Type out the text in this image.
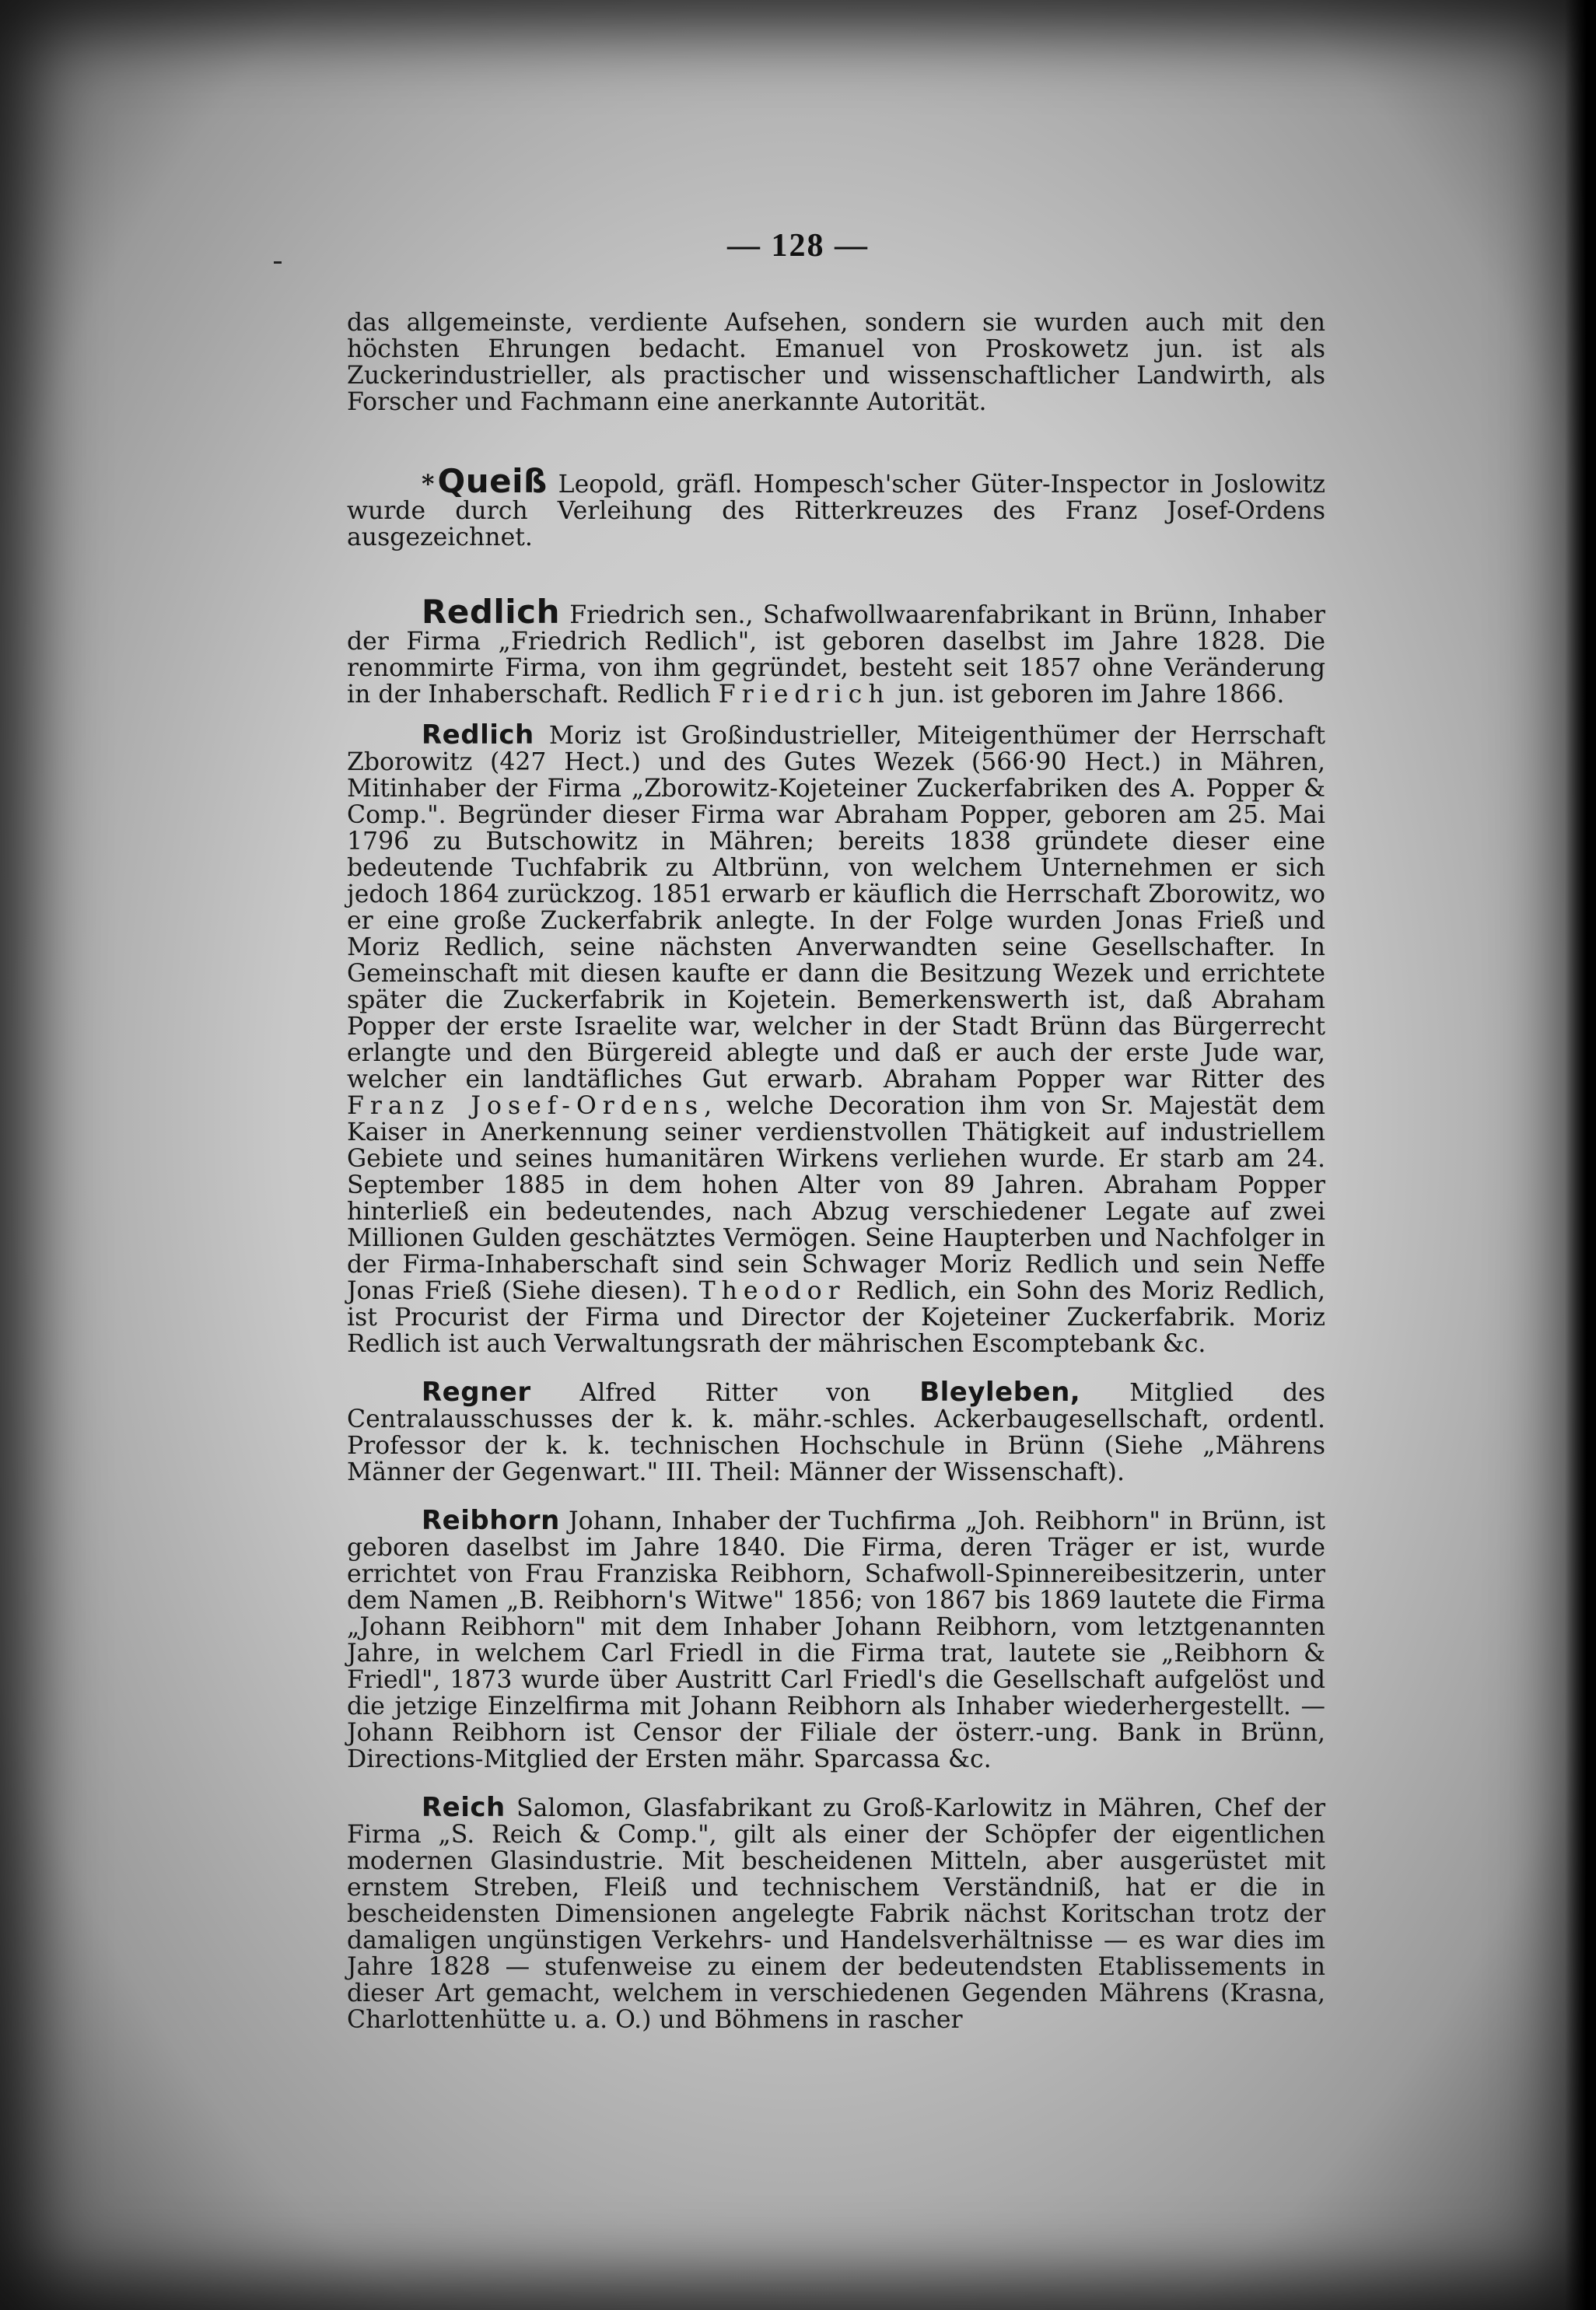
— 128 —

das allgemeinste, verdiente Aufsehen, sondern sie wurden auch mit den höchsten Ehrungen bedacht. Emanuel von Proskowetz jun. ist als Zuckerindustrieller, als practischer und wissenschaftlicher Landwirth, als Forscher und Fachmann eine anerkannte Autorität.

*Queiß Leopold, gräfl. Hompesch'scher Güter-Inspector in Joslowitz wurde durch Verleihung des Ritterkreuzes des Franz Josef-Ordens ausgezeichnet.

Redlich Friedrich sen., Schafwollwaarenfabrikant in Brünn, Inhaber der Firma „Friedrich Redlich", ist geboren daselbst im Jahre 1828. Die renommirte Firma, von ihm gegründet, besteht seit 1857 ohne Veränderung in der Inhaberschaft. Redlich Friedrich jun. ist geboren im Jahre 1866.

Redlich Moriz ist Großindustrieller, Miteigenthümer der Herrschaft Zborowitz (427 Hect.) und des Gutes Wezek (566·90 Hect.) in Mähren, Mitinhaber der Firma „Zborowitz-Kojeteiner Zuckerfabriken des A. Popper & Comp.". Begründer dieser Firma war Abraham Popper, geboren am 25. Mai 1796 zu Butschowitz in Mähren; bereits 1838 gründete dieser eine bedeutende Tuchfabrik zu Altbrünn, von welchem Unternehmen er sich jedoch 1864 zurückzog. 1851 erwarb er käuflich die Herrschaft Zborowitz, wo er eine große Zuckerfabrik anlegte. In der Folge wurden Jonas Frieß und Moriz Redlich, seine nächsten Anverwandten seine Gesellschafter. In Gemeinschaft mit diesen kaufte er dann die Besitzung Wezek und errichtete später die Zuckerfabrik in Kojetein. Bemerkenswerth ist, daß Abraham Popper der erste Israelite war, welcher in der Stadt Brünn das Bürgerrecht erlangte und den Bürgereid ablegte und daß er auch der erste Jude war, welcher ein landtäfliches Gut erwarb. Abraham Popper war Ritter des Franz Josef-Ordens, welche Decoration ihm von Sr. Majestät dem Kaiser in Anerkennung seiner verdienstvollen Thätigkeit auf industriellem Gebiete und seines humanitären Wirkens verliehen wurde. Er starb am 24. September 1885 in dem hohen Alter von 89 Jahren. Abraham Popper hinterließ ein bedeutendes, nach Abzug verschiedener Legate auf zwei Millionen Gulden geschätztes Vermögen. Seine Haupterben und Nachfolger in der Firma-Inhaberschaft sind sein Schwager Moriz Redlich und sein Neffe Jonas Frieß (Siehe diesen). Theodor Redlich, ein Sohn des Moriz Redlich, ist Procurist der Firma und Director der Kojeteiner Zuckerfabrik. Moriz Redlich ist auch Verwaltungsrath der mährischen Escomptebank &c.

Regner Alfred Ritter von Bleyleben, Mitglied des Centralausschusses der k. k. mähr.-schles. Ackerbaugesellschaft, ordentl. Professor der k. k. technischen Hochschule in Brünn (Siehe „Mährens Männer der Gegenwart." III. Theil: Männer der Wissenschaft).

Reibhorn Johann, Inhaber der Tuchfirma „Joh. Reibhorn" in Brünn, ist geboren daselbst im Jahre 1840. Die Firma, deren Träger er ist, wurde errichtet von Frau Franziska Reibhorn, Schafwoll-Spinnereibesitzerin, unter dem Namen „B. Reibhorn's Witwe" 1856; von 1867 bis 1869 lautete die Firma „Johann Reibhorn" mit dem Inhaber Johann Reibhorn, vom letztgenannten Jahre, in welchem Carl Friedl in die Firma trat, lautete sie „Reibhorn & Friedl", 1873 wurde über Austritt Carl Friedl's die Gesellschaft aufgelöst und die jetzige Einzelfirma mit Johann Reibhorn als Inhaber wiederhergestellt. — Johann Reibhorn ist Censor der Filiale der österr.-ung. Bank in Brünn, Directions-Mitglied der Ersten mähr. Sparcassa &c.

Reich Salomon, Glasfabrikant zu Groß-Karlowitz in Mähren, Chef der Firma „S. Reich & Comp.", gilt als einer der Schöpfer der eigentlichen modernen Glasindustrie. Mit bescheidenen Mitteln, aber ausgerüstet mit ernstem Streben, Fleiß und technischem Verständniß, hat er die in bescheidensten Dimensionen angelegte Fabrik nächst Koritschan trotz der damaligen ungünstigen Verkehrs- und Handelsverhältnisse — es war dies im Jahre 1828 — stufenweise zu einem der bedeutendsten Etablissements in dieser Art gemacht, welchem in verschiedenen Gegenden Mährens (Krasna, Charlottenhütte u. a. O.) und Böhmens in rascher
